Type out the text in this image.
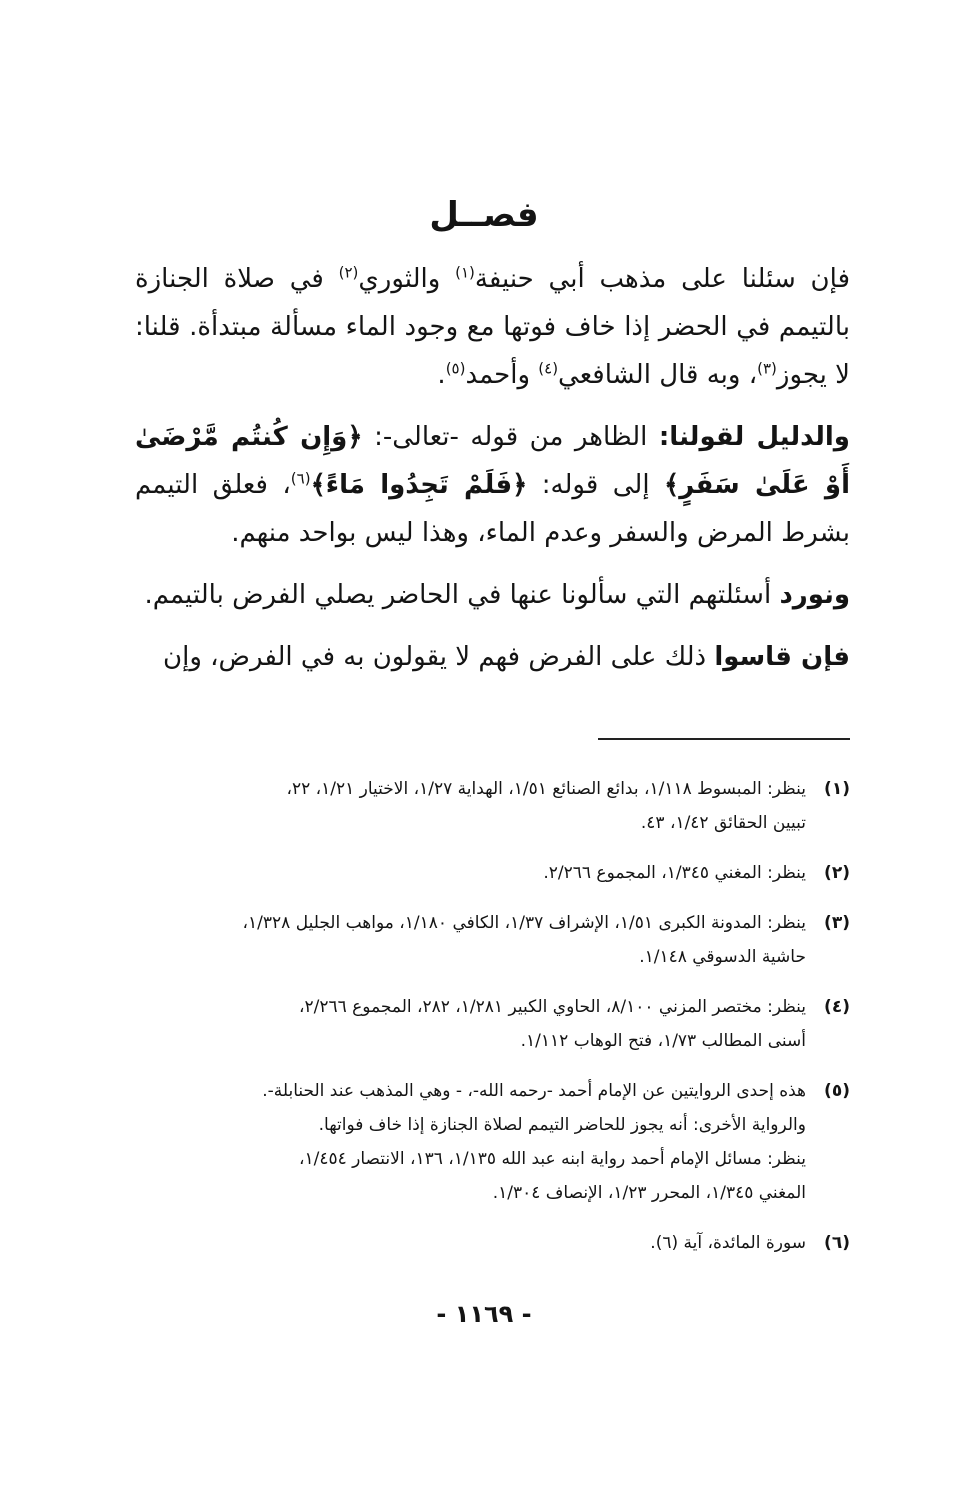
فصــل

فإن سئلنا على مذهب أبي حنيفة$^{(١)}$ والثوري$^{(٢)}$ في صلاة الجنازة بالتيمم في الحضر إذا خاف فوتها مع وجود الماء مسألة مبتدأة. قلنا: لا يجوز$^{(٣)}$، وبه قال الشافعي$^{(٤)}$ وأحمد$^{(٥)}$.

والدليل لقولنا: الظاهر من قوله -تعالى-: ﴿وَإِن كُنتُم مَّرْضَىٰ أَوْ عَلَىٰ سَفَرٍ﴾ إلى قوله: ﴿فَلَمْ تَجِدُوا مَاءً﴾$^{(٦)}$، فعلق التيمم بشرط المرض والسفر وعدم الماء، وهذا ليس بواحد منهم.

ونورد أسئلتهم التي سألونا عنها في الحاضر يصلي الفرض بالتيمم.

فإن قاسوا ذلك على الفرض فهم لا يقولون به في الفرض، وإن

(١)
ينظر: المبسوط ١/١١٨، بدائع الصنائع ١/٥١، الهداية ١/٢٧، الاختيار ١/٢١، ٢٢،
تبيين الحقائق ١/٤٢، ٤٣.
(٢)
ينظر: المغني ١/٣٤٥، المجموع ٢/٢٦٦.
(٣)
ينظر: المدونة الكبرى ١/٥١، الإشراف ١/٣٧، الكافي ١/١٨٠، مواهب الجليل ١/٣٢٨،
حاشية الدسوقي ١/١٤٨.
(٤)
ينظر: مختصر المزني ٨/١٠٠، الحاوي الكبير ١/٢٨١، ٢٨٢، المجموع ٢/٢٦٦،
أسنى المطالب ١/٧٣، فتح الوهاب ١/١١٢.
(٥)
هذه إحدى الروايتين عن الإمام أحمد -رحمه الله-، - وهي المذهب عند الحنابلة-.
والرواية الأخرى: أنه يجوز للحاضر التيمم لصلاة الجنازة إذا خاف فواتها.
ينظر: مسائل الإمام أحمد رواية ابنه عبد الله ١/١٣٥، ١٣٦، الانتصار ١/٤٥٤،
المغني ١/٣٤٥، المحرر ١/٢٣، الإنصاف ١/٣٠٤.
(٦)
سورة المائدة، آية (٦).
- ١١٦٩ -
